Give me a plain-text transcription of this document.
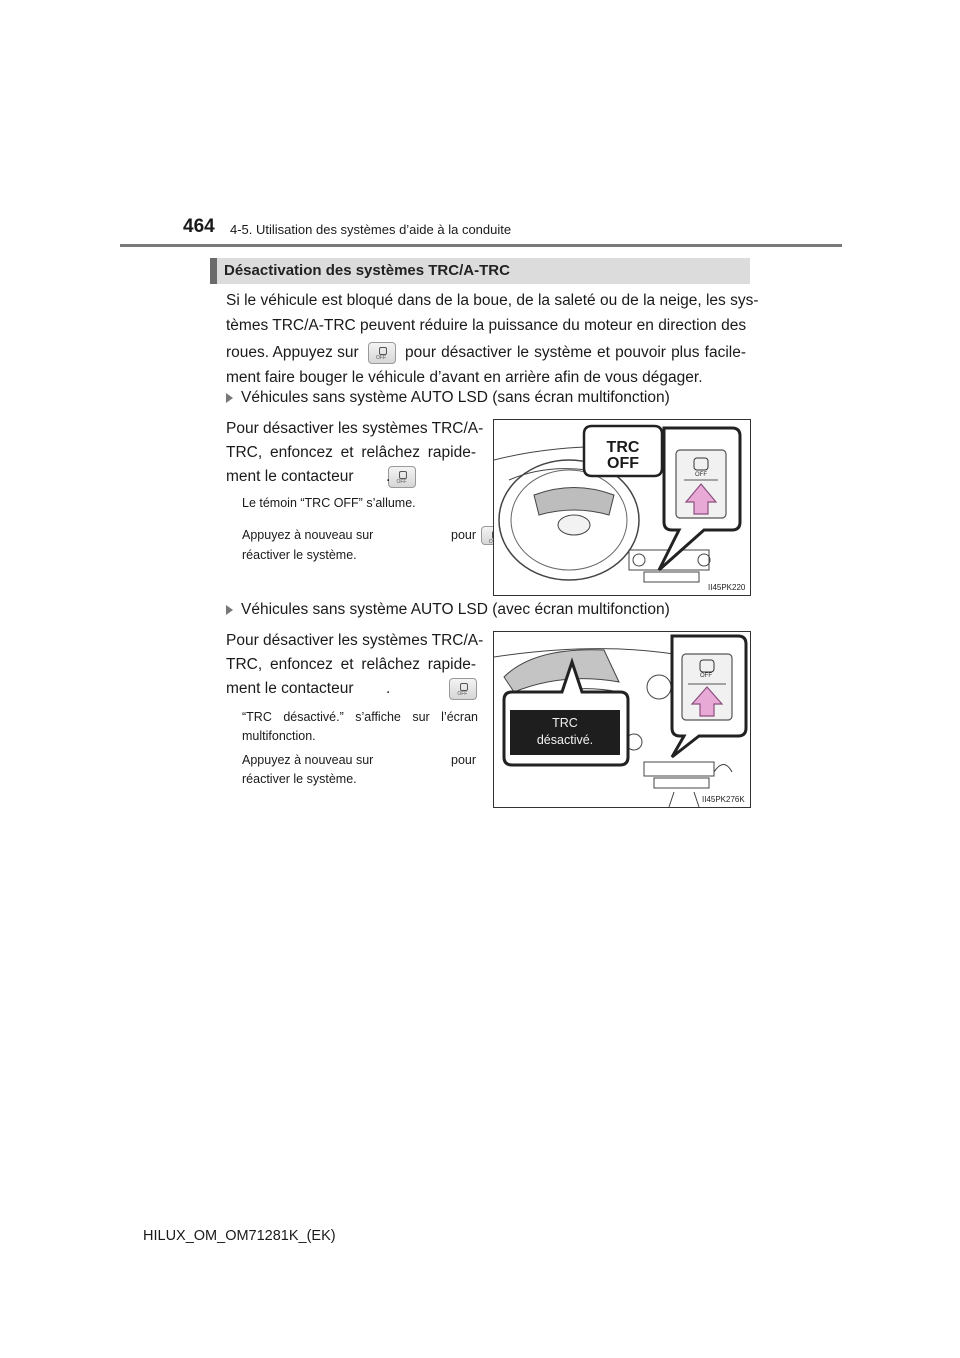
464 4-5. Utilisation des systèmes d’aide à la conduite
Désactivation des systèmes TRC/A-TRC
Si le véhicule est bloqué dans de la boue, de la saleté ou de la neige, les sys-
tèmes TRC/A-TRC peuvent réduire la puissance du moteur en direction des
roues. Appuyez sur OFF	pour désactiver le système et pouvoir plus facile-
ment faire bouger le véhicule d’avant en arrière afin de vous dégager.
Véhicules sans système AUTO LSD (sans écran multifonction)
Pour désactiver les systèmes TRC/A-
TRC, enfoncez et relâchez rapide-
ment le contacteur OFF .
Le témoin “TRC OFF” s’allume.
Appuyez à nouveau sur OFF	pour
réactiver le système.
TRC OFF
OFF
II45PK220
Véhicules sans système AUTO LSD (avec écran multifonction)
Pour désactiver les systèmes TRC/A-
TRC, enfoncez et relâchez rapide-
ment le contacteur OFF .
“TRC désactivé.” s’affiche sur l’écran
multifonction.
Appuyez à nouveau sur OFF	pour
réactiver le système.
TRC
désactivé.
OFF
II45PK276K
HILUX_OM_OM71281K_(EK)
